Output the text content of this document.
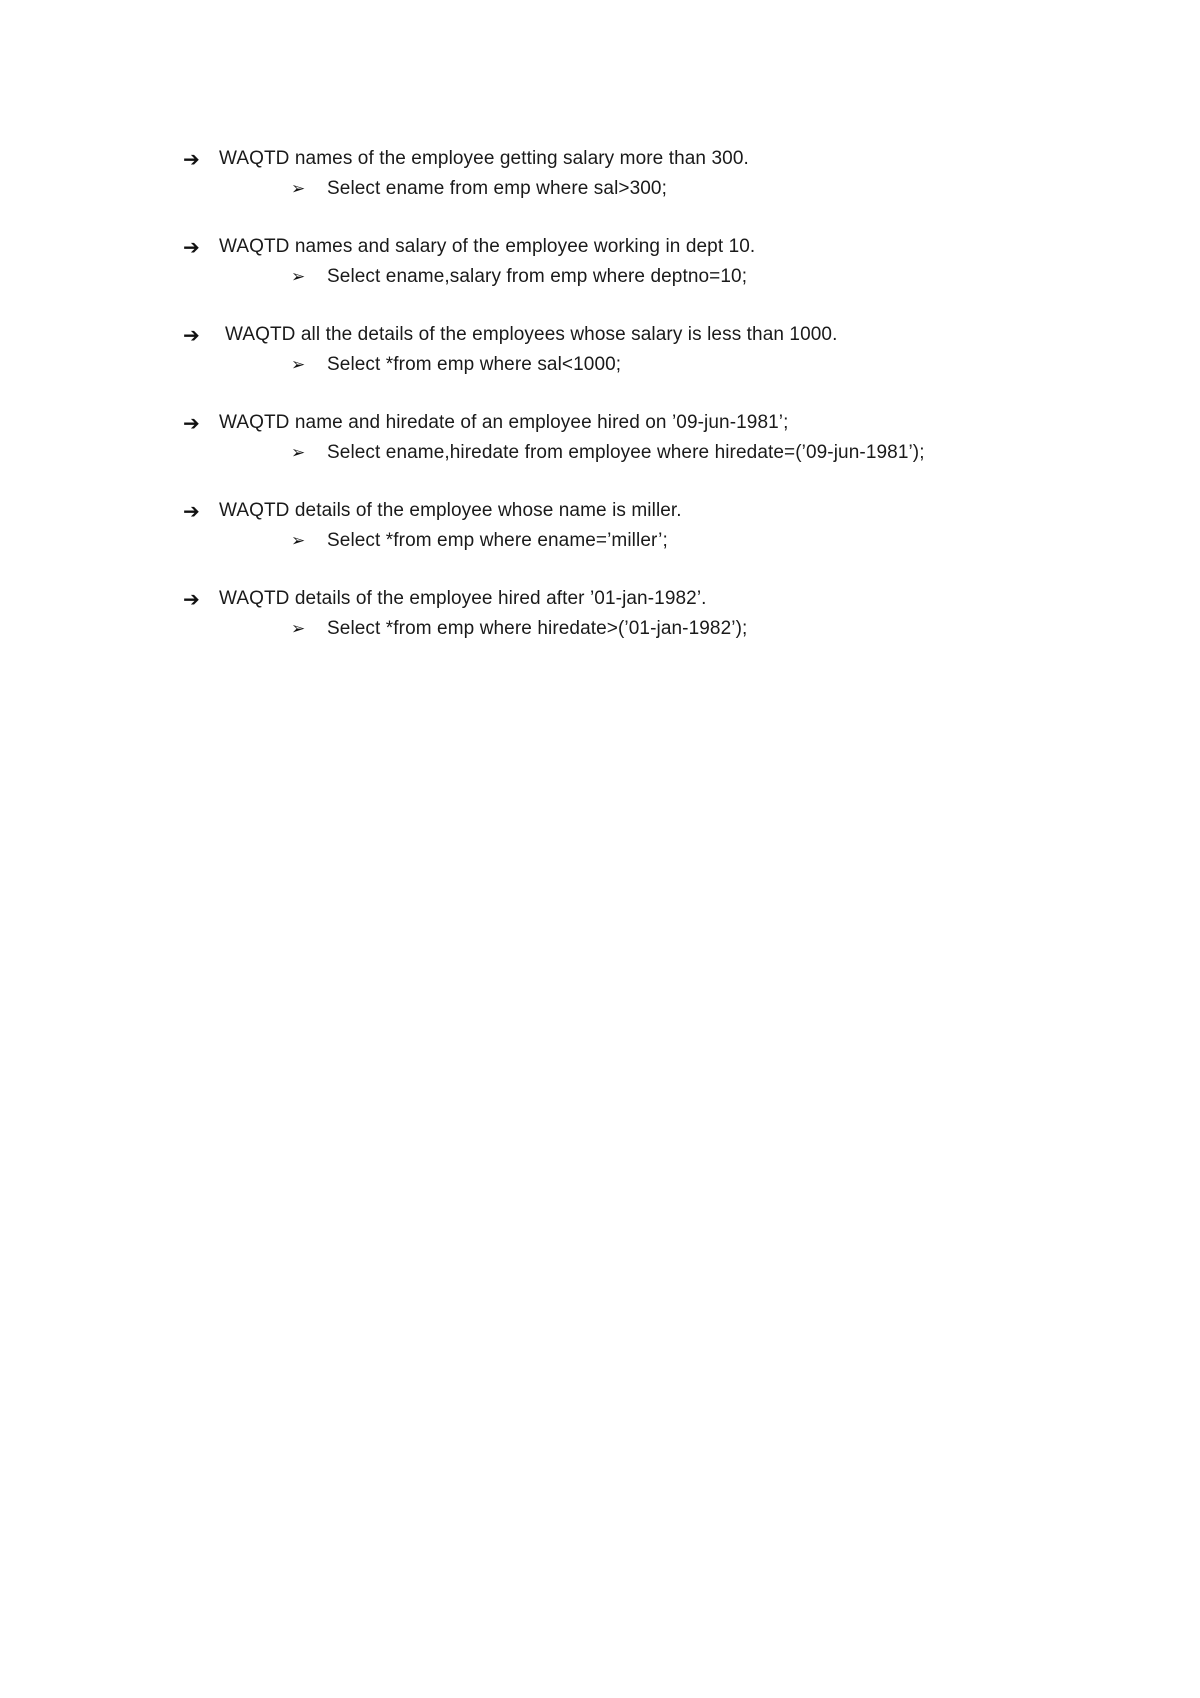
➔	WAQTD names of the employee getting salary more than 300.
➢	Select ename from emp where sal>300;
➔	WAQTD names and salary of the employee working in dept 10.
➢	Select ename,salary from emp where deptno=10;
➔	WAQTD all the details of the employees whose salary is less than 1000.
➢	Select *from emp where sal<1000;
➔	WAQTD name and hiredate of an employee hired on ’09-jun-1981’;
➢	Select ename,hiredate from employee where hiredate=(’09-jun-1981’);
➔	WAQTD details of the employee whose name is miller.
➢	Select *from emp where ename=’miller’;
➔	WAQTD details of the employee hired after ’01-jan-1982’.
➢	Select *from emp where hiredate>(’01-jan-1982’);
